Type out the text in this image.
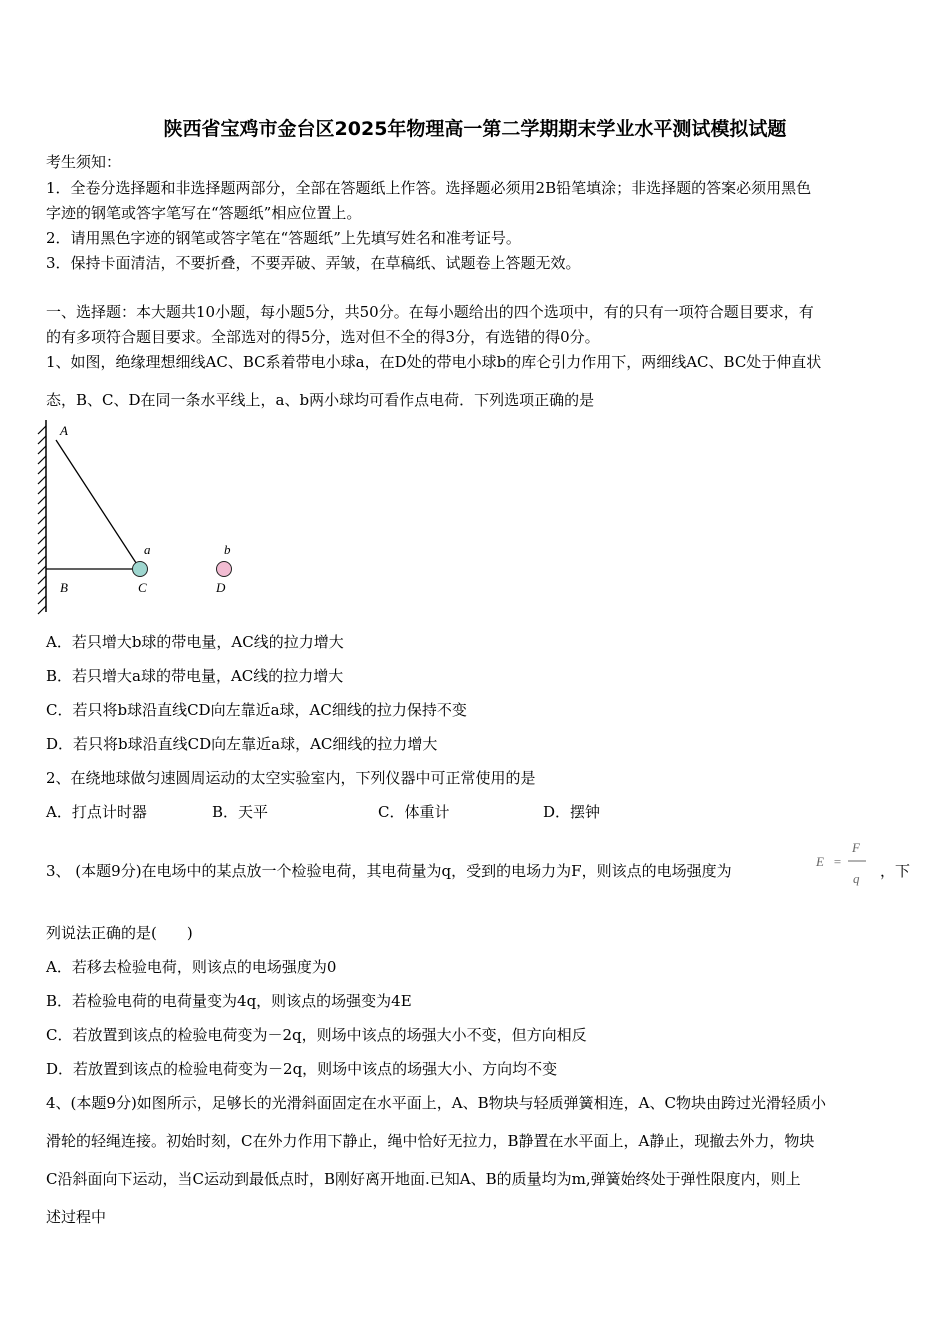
陕西省宝鸡市金台区2025年物理高一第二学期期末学业水平测试模拟试题
考生须知：
1．全卷分选择题和非选择题两部分，全部在答题纸上作答。选择题必须用2B铅笔填涂；非选择题的答案必须用黑色
字迹的钢笔或答字笔写在“答题纸”相应位置上。
2．请用黑色字迹的钢笔或答字笔在“答题纸”上先填写姓名和准考证号。
3．保持卡面清洁，不要折叠，不要弄破、弄皱，在草稿纸、试题卷上答题无效。
一、选择题：本大题共10小题，每小题5分，共50分。在每小题给出的四个选项中，有的只有一项符合题目要求，有
的有多项符合题目要求。全部选对的得5分，选对但不全的得3分，有选错的得0分。
1、如图，绝缘理想细线AC、BC系着带电小球a，在D处的带电小球b的库仑引力作用下，两细线AC、BC处于伸直状
态，B、C、D在同一条水平线上，a、b两小球均可看作点电荷．下列选项正确的是
A
a	b
B	C	D
A．若只增大b球的带电量，AC线的拉力增大
B．若只增大a球的带电量，AC线的拉力增大
C．若只将b球沿直线CD向左靠近a球，AC细线的拉力保持不变
D．若只将b球沿直线CD向左靠近a球，AC细线的拉力增大
2、在绕地球做匀速圆周运动的太空实验室内，下列仪器中可正常使用的是
A．打点计时器	B．天平	C．体重计	D．摆钟
3、 (本题9分)在电场中的某点放一个检验电荷，其电荷量为q，受到的电场力为F，则该点的电场强度为
E =
F
q ，下
列说法正确的是(　　)
A．若移去检验电荷，则该点的电场强度为0
B．若检验电荷的电荷量变为4q，则该点的场强变为4E
C．若放置到该点的检验电荷变为－2q，则场中该点的场强大小不变，但方向相反
D．若放置到该点的检验电荷变为－2q，则场中该点的场强大小、方向均不变
4、(本题9分)如图所示，足够长的光滑斜面固定在水平面上，A、B物块与轻质弹簧相连，A、C物块由跨过光滑轻质小
滑轮的轻绳连接。初始时刻，C在外力作用下静止，绳中恰好无拉力，B静置在水平面上，A静止，现撤去外力，物块
C沿斜面向下运动，当C运动到最低点时，B刚好离开地面.已知A、B的质量均为m,弹簧始终处于弹性限度内，则上
述过程中
